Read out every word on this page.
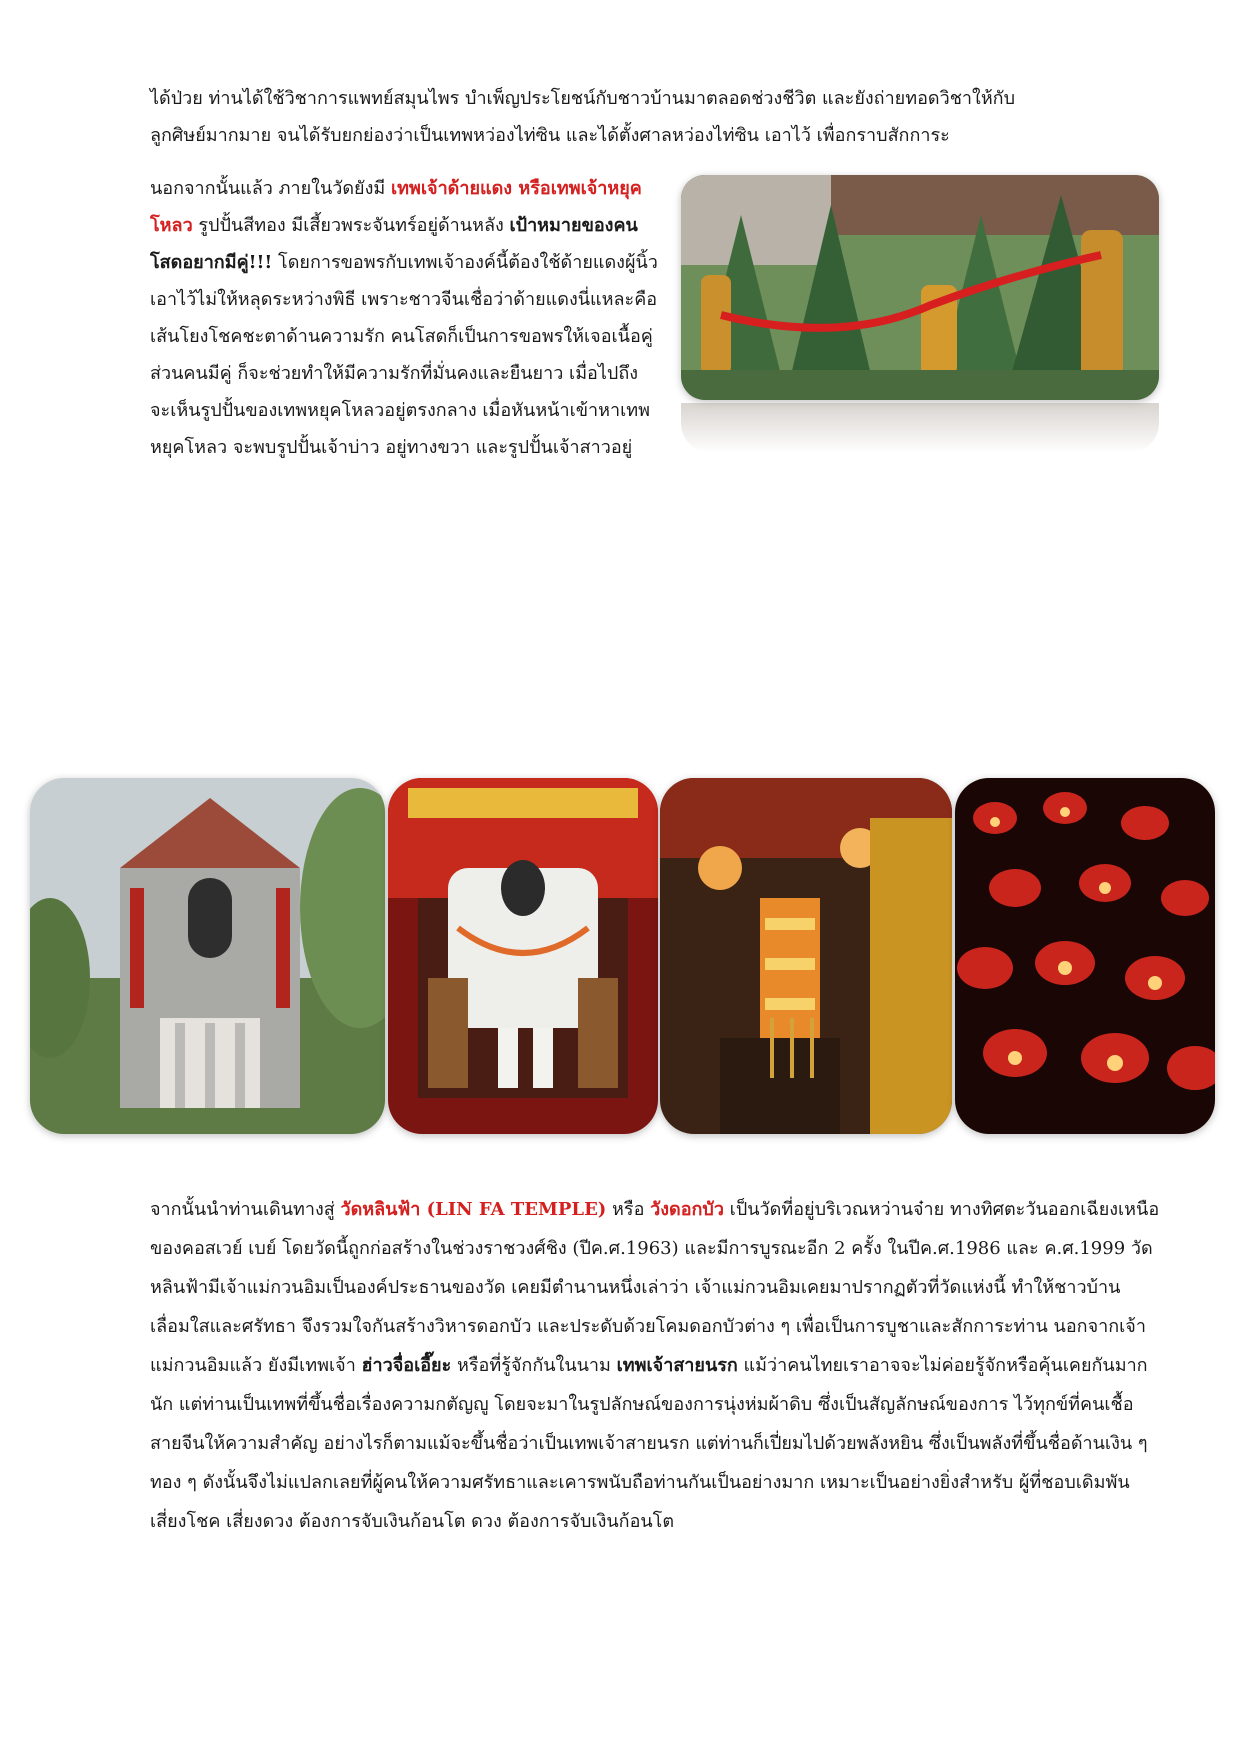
ได้ป่วย ท่านได้ใช้วิชาการแพทย์สมุนไพร บำเพ็ญประโยชน์กับชาวบ้านมาตลอดช่วงชีวิต และยังถ่ายทอดวิชาให้กับ
ลูกศิษย์มากมาย จนได้รับยกย่องว่าเป็นเทพหว่องไท่ซิน และได้ตั้งศาลหว่องไท่ซิน เอาไว้ เพื่อกราบสักการะ

นอกจากนั้นแล้ว ภายในวัดยังมี เทพเจ้าด้ายแดง หรือเทพเจ้าหยุคโหลว รูปปั้นสีทอง มีเสี้ยวพระจันทร์อยู่ด้านหลัง เป้าหมายของคนโสดอยากมีคู่!!! โดยการขอพรกับเทพเจ้าองค์นี้ต้องใช้ด้ายแดงผู้นิ้วเอาไว้ไม่ให้หลุดระหว่างพิธี เพราะชาวจีนเชื่อว่าด้ายแดงนี่แหละคือ เส้นโยงโชคชะตาด้านความรัก คนโสดก็เป็นการขอพรให้เจอเนื้อคู่ ส่วนคนมีคู่ ก็จะช่วยทำให้มีความรักที่มั่นคงและยืนยาว เมื่อไปถึงจะเห็นรูปปั้นของเทพหยุคโหลวอยู่ตรงกลาง เมื่อหันหน้าเข้าหาเทพหยุคโหลว จะพบรูปปั้นเจ้าบ่าว อยู่ทางขวา และรูปปั้นเจ้าสาวอยู่

จากนั้นนำท่านเดินทางสู่ วัดหลินฟ้า (LIN FA TEMPLE) หรือ วังดอกบัว เป็นวัดที่อยู่บริเวณหว่านจ๋าย ทางทิศตะวันออกเฉียงเหนือของคอสเวย์ เบย์ โดยวัดนี้ถูกก่อสร้างในช่วงราชวงศ์ชิง (ปีค.ศ.1963) และมีการบูรณะอีก 2 ครั้ง ในปีค.ศ.1986 และ ค.ศ.1999 วัดหลินฟ้ามีเจ้าแม่กวนอิมเป็นองค์ประธานของวัด เคยมีตำนานหนึ่งเล่าว่า เจ้าแม่กวนอิมเคยมาปรากฏตัวที่วัดแห่งนี้ ทำให้ชาวบ้านเลื่อมใสและศรัทธา จึงรวมใจกันสร้างวิหารดอกบัว และประดับด้วยโคมดอกบัวต่าง ๆ เพื่อเป็นการบูชาและสักการะท่าน นอกจากเจ้าแม่กวนอิมแล้ว ยังมีเทพเจ้า ฮ่าวจื่อเอี๊ยะ หรือที่รู้จักกันในนาม เทพเจ้าสายนรก แม้ว่าคนไทยเราอาจจะไม่ค่อยรู้จักหรือคุ้นเคยกันมากนัก แต่ท่านเป็นเทพที่ขึ้นชื่อเรื่องความกตัญญู โดยจะมาในรูปลักษณ์ของการนุ่งห่มผ้าดิบ ซึ่งเป็นสัญลักษณ์ของการ ไว้ทุกข์ที่คนเชื้อสายจีนให้ความสำคัญ อย่างไรก็ตามแม้จะขึ้นชื่อว่าเป็นเทพเจ้าสายนรก แต่ท่านก็เปี่ยมไปด้วยพลังหยิน ซึ่งเป็นพลังที่ขึ้นชื่อด้านเงิน ๆ ทอง ๆ ดังนั้นจึงไม่แปลกเลยที่ผู้คนให้ความศรัทธาและเคารพนับถือท่านกันเป็นอย่างมาก เหมาะเป็นอย่างยิ่งสำหรับ ผู้ที่ชอบเดิมพัน เสี่ยงโชค เสี่ยงดวง ต้องการจับเงินก้อนโต ดวง ต้องการจับเงินก้อนโต
